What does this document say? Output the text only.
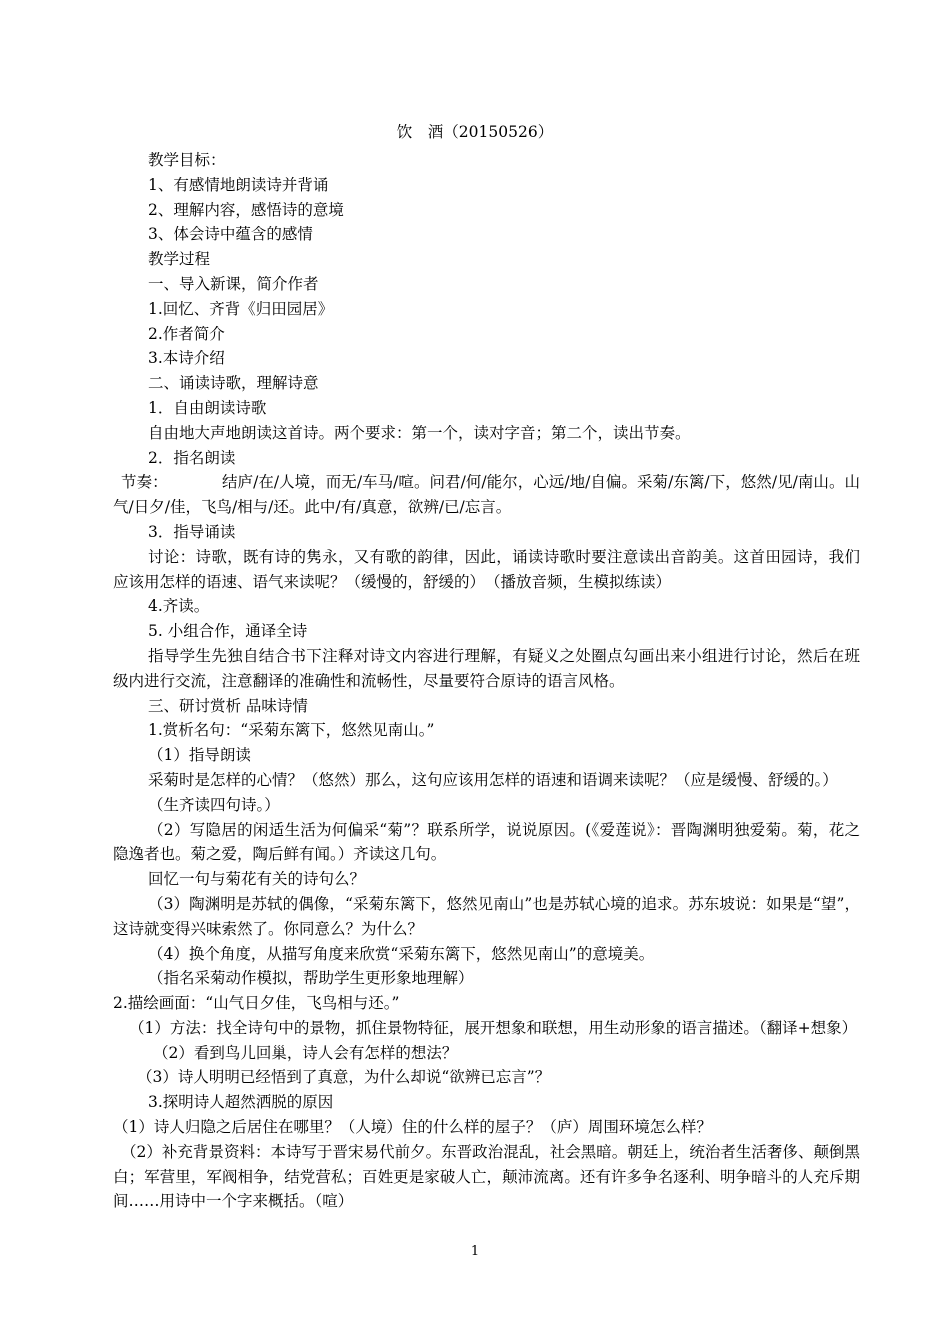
饮　酒（20150526）

教学目标：

1、有感情地朗读诗并背诵

2、理解内容，感悟诗的意境

3、体会诗中蕴含的感情

教学过程

一、导入新课，简介作者

1.回忆、齐背《归田园居》

2.作者简介

3.本诗介绍

二、诵读诗歌，理解诗意

1．自由朗读诗歌

自由地大声地朗读这首诗。两个要求：第一个，读对字音；第二个，读出节奏。

2．指名朗读

节奏：　　　　结庐/在/人境，而无/车马/喧。问君/何/能尔，心远/地/自偏。采菊/东篱/下，悠然/见/南山。山气/日夕/佳，飞鸟/相与/还。此中/有/真意，欲辨/已/忘言。

3．指导诵读

讨论：诗歌，既有诗的隽永，又有歌的韵律，因此，诵读诗歌时要注意读出音韵美。这首田园诗，我们应该用怎样的语速、语气来读呢？（缓慢的，舒缓的）　（播放音频，生模拟练读）

4.齐读。

5. 小组合作，通译全诗

指导学生先独自结合书下注释对诗文内容进行理解，有疑义之处圈点勾画出来小组进行讨论，然后在班级内进行交流，注意翻译的准确性和流畅性，尽量要符合原诗的语言风格。

三、研讨赏析 品味诗情

1.赏析名句：“采菊东篱下，悠然见南山。”

（1）指导朗读

采菊时是怎样的心情？（悠然）那么，这句应该用怎样的语速和语调来读呢？（应是缓慢、舒缓的。）

（生齐读四句诗。）

（2）写隐居的闲适生活为何偏采“菊”？联系所学，说说原因。(《爱莲说》：晋陶渊明独爱菊。菊，花之隐逸者也。菊之爱，陶后鲜有闻。）齐读这几句。

回忆一句与菊花有关的诗句么？

（3）陶渊明是苏轼的偶像，“采菊东篱下，悠然见南山”也是苏轼心境的追求。苏东坡说：如果是“望”，这诗就变得兴味索然了。你同意么？为什么？

（4）换个角度，从描写角度来欣赏“采菊东篱下，悠然见南山”的意境美。

（指名采菊动作模拟，帮助学生更形象地理解）

2.描绘画面：“山气日夕佳，飞鸟相与还。”

（1）方法：找全诗句中的景物，抓住景物特征，展开想象和联想，用生动形象的语言描述。（翻译+想象）

（2）看到鸟儿回巢，诗人会有怎样的想法？

（3）诗人明明已经悟到了真意，为什么却说“欲辨已忘言”？

3.探明诗人超然洒脱的原因

（1）诗人归隐之后居住在哪里？（人境）住的什么样的屋子？（庐）周围环境怎么样？

（2）补充背景资料：本诗写于晋宋易代前夕。东晋政治混乱，社会黑暗。朝廷上，统治者生活奢侈、颠倒黑白；军营里，军阀相争，结党营私；百姓更是家破人亡，颠沛流离。还有许多争名逐利、明争暗斗的人充斥期间……用诗中一个字来概括。（喧）

1
